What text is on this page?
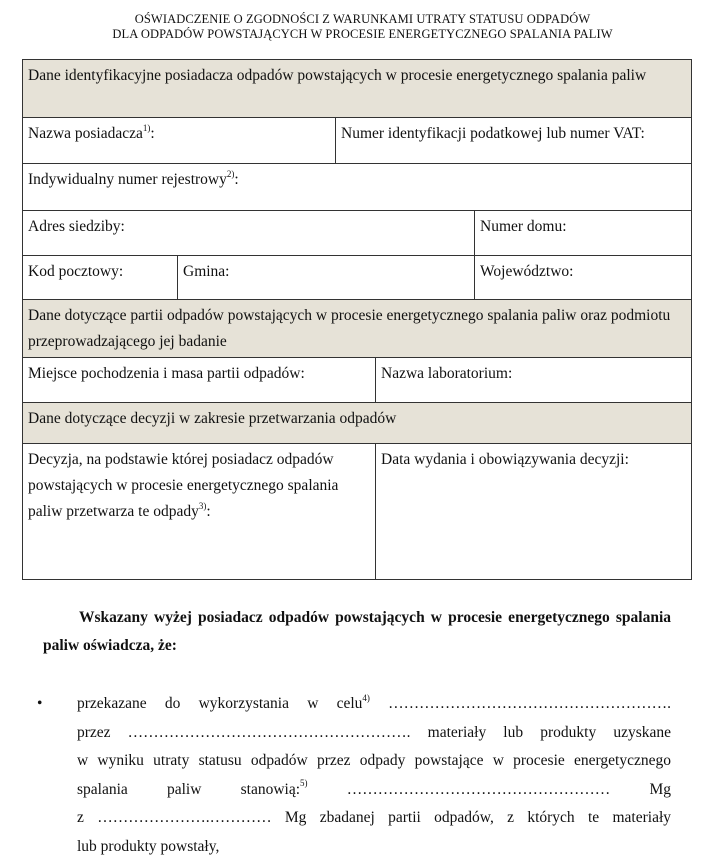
OŚWIADCZENIE O ZGODNOŚCI Z WARUNKAMI UTRATY STATUSU ODPADÓW
DLA ODPADÓW POWSTAJĄCYCH W PROCESIE ENERGETYCZNEGO SPALANIA PALIW
Dane identyfikacyjne posiadacza odpadów powstających w procesie energetycznego spalania paliw				
Nazwa posiadacza$^{1)}$:		Numer identyfikacji podatkowej lub numer VAT:		
Indywidualny numer rejestrowy$^{2)}$:				
Adres siedziby:				Numer domu:
Kod pocztowy:	Gmina:			Województwo:
Dane dotyczące partii odpadów powstających w procesie energetycznego spalania paliw oraz podmiotu przeprowadzającego jej badanie				
Miejsce pochodzenia i masa partii odpadów:			Nazwa laboratorium:	
Dane dotyczące decyzji w zakresie przetwarzania odpadów				
Decyzja, na podstawie której posiadacz odpadów powstających w procesie energetycznego spalania paliw przetwarza te odpady$^{3)}$:			Data wydania i obowiązywania decyzji:	
Wskazany wyżej posiadacz odpadów powstających w procesie energetycznego spalania paliw oświadcza, że:
• przekazane do wykorzystania w celu$^{4)}$ ……………………………………………….
przez ………………………………………………. materiały lub produkty uzyskane
w wyniku utraty statusu odpadów przez odpady powstające w procesie energetycznego
spalania paliw stanowią:$^{5)}$	…………………………………………… Mg
z ………………….………… Mg zbadanej partii odpadów, z których te materiały
lub produkty powstały,
